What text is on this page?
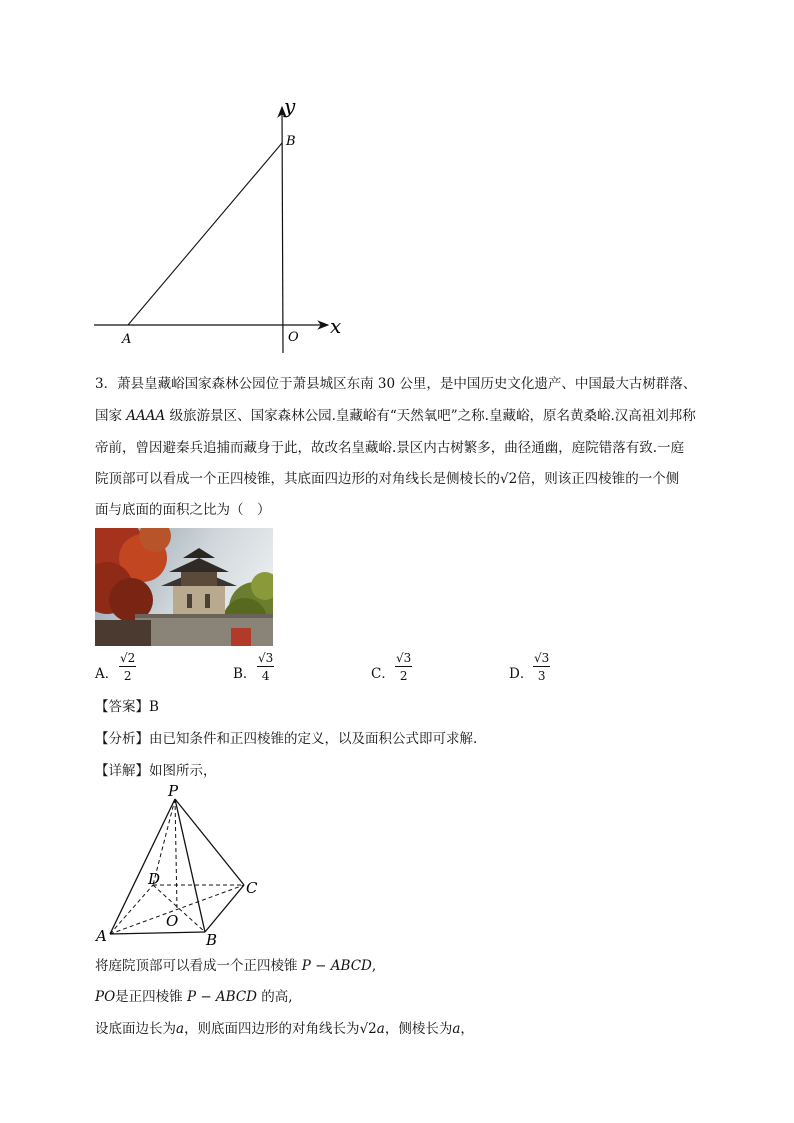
y
x
B
A	O
3．萧县皇藏峪国家森林公园位于萧县城区东南 30 公里，是中国历史文化遗产、中国最大古树群落、
国家 AAAA 级旅游景区、国家森林公园.皇藏峪有“天然氧吧”之称.皇藏峪，原名黄桑峪.汉高祖刘邦称
帝前，曾因避秦兵追捕而藏身于此，故改名皇藏峪.景区内古树繁多，曲径通幽，庭院错落有致.一庭
院顶部可以看成一个正四棱锥，其底面四边形的对角线长是侧棱长的√2倍，则该正四棱锥的一个侧
面与底面的面积之比为（　）
A． $\frac{√2}{2}$	B． $\frac{√3}{4}$	C． $\frac{√3}{2}$	D． $\frac{√3}{3}$
【答案】B
【分析】由已知条件和正四棱锥的定义，以及面积公式即可求解.
【详解】如图所示，
P
D	C
O
A	B
将庭院顶部可以看成一个正四棱锥 P − ABCD,
PO是正四棱锥 P − ABCD 的高,
设底面边长为a，则底面四边形的对角线长为√2a，侧棱长为a，
